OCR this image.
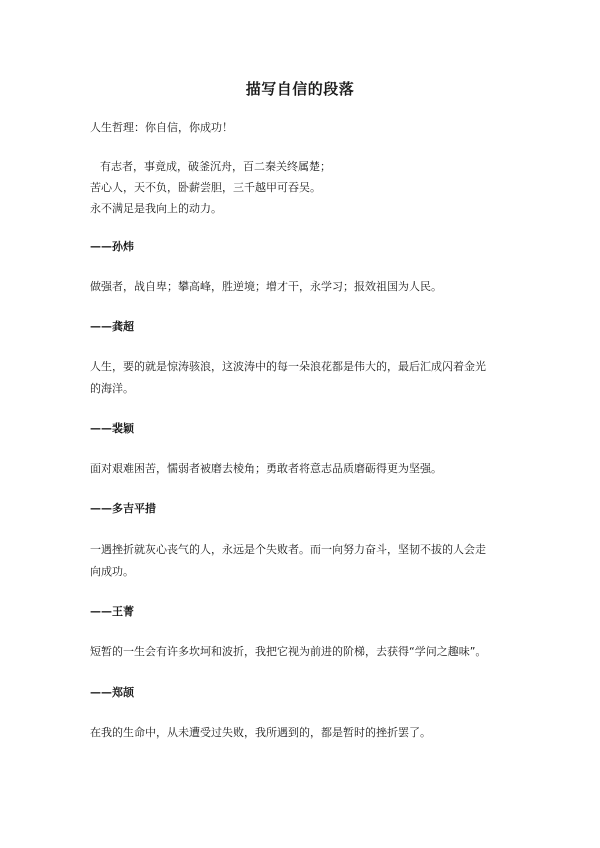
描写自信的段落

人生哲理：你自信，你成功！

有志者，事竟成，破釜沉舟，百二秦关终属楚；

苦心人，天不负，卧薪尝胆，三千越甲可吞吴。

永不满足是我向上的动力。

——孙炜

做强者，战自卑；攀高峰，胜逆境；增才干，永学习；报效祖国为人民。

——龚超

人生，要的就是惊涛骇浪，这波涛中的每一朵浪花都是伟大的，最后汇成闪着金光

的海洋。

——裴颖

面对艰难困苦，懦弱者被磨去棱角；勇敢者将意志品质磨砺得更为坚强。

——多吉平措

一遇挫折就灰心丧气的人，永远是个失败者。而一向努力奋斗，坚韧不拔的人会走

向成功。

——王菁

短暂的一生会有许多坎坷和波折，我把它视为前进的阶梯，去获得“学问之趣味”。

——郑颉

在我的生命中，从未遭受过失败，我所遇到的，都是暂时的挫折罢了。
